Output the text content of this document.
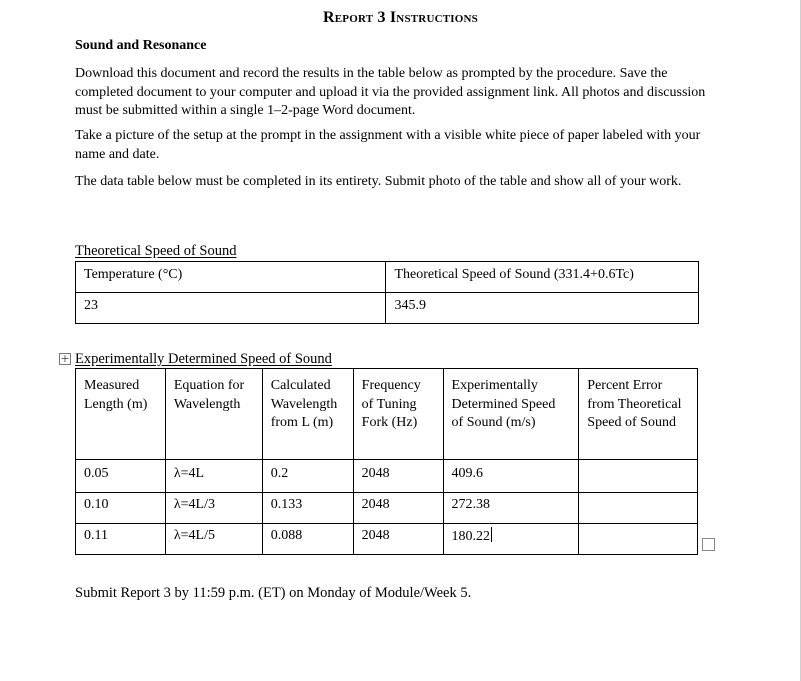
Report 3 Instructions
Sound and Resonance
Download this document and record the results in the table below as prompted by the procedure. Save the completed document to your computer and upload it via the provided assignment link. All photos and discussion must be submitted within a single 1–2-page Word document.
Take a picture of the setup at the prompt in the assignment with a visible white piece of paper labeled with your name and date.
The data table below must be completed in its entirety. Submit photo of the table and show all of your work.
Theoretical Speed of Sound
Temperature (°C)	Theoretical Speed of Sound (331.4+0.6Tc)
23	345.9
+ Experimentally Determined Speed of Sound
Measured Length (m)	Equation for Wavelength	Calculated Wavelength from L (m)	Frequency of Tuning Fork (Hz)	Experimentally Determined Speed of Sound (m/s)	Percent Error from Theoretical Speed of Sound
0.05	λ=4L	0.2	2048	409.6	
0.10	λ=4L/3	0.133	2048	272.38	
0.11	λ=4L/5	0.088	2048	180.22	
Submit Report 3 by 11:59 p.m. (ET) on Monday of Module/Week 5.
